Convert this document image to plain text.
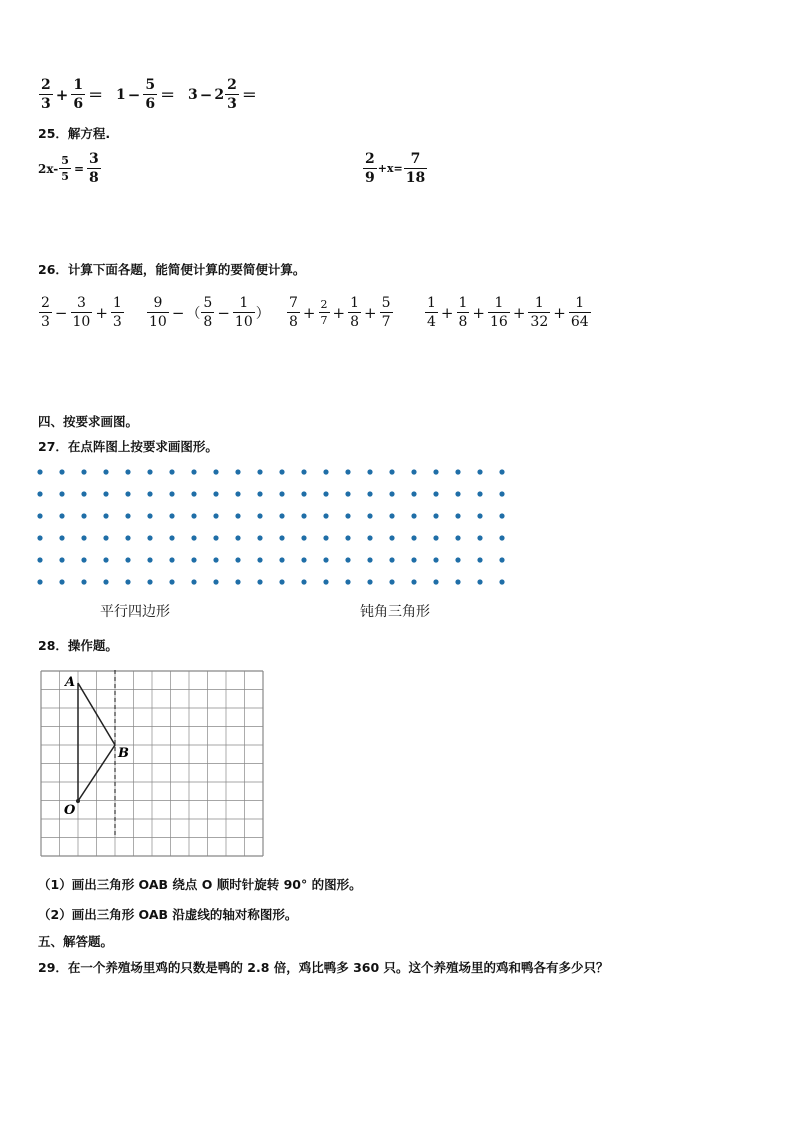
$\frac{2}{3} + \frac{1}{6} = 1 - \frac{5}{6} = 3 - 2 \frac{2}{3}$ ＝
25．解方程.
$2x- \frac{5}{5} = \frac{3}{8}$	$\frac{2}{9} +x= \frac{7}{18}$
26．计算下面各题，能简便计算的要简便计算。
$\frac{2}{3} - \frac{3}{10} + \frac{1}{3} \frac{9}{10}$ − （ $\frac{5}{8} - \frac{1}{10}$ ） $\frac{7}{8} + \frac{2}{7} + \frac{1}{8} + \frac{5}{7} \frac{1}{4} + \frac{1}{8} + \frac{1}{16} + \frac{1}{32} + \frac{1}{64}$
四、按要求画图。
27．在点阵图上按要求画图形。
平行四边形	钝角三角形
28．操作题。
A
B
O
（1）画出三角形 OAB 绕点 O 顺时针旋转 90° 的图形。
（2）画出三角形 OAB 沿虚线的轴对称图形。
五、解答题。
29．在一个养殖场里鸡的只数是鸭的 2.8 倍，鸡比鸭多 360 只。这个养殖场里的鸡和鸭各有多少只？
